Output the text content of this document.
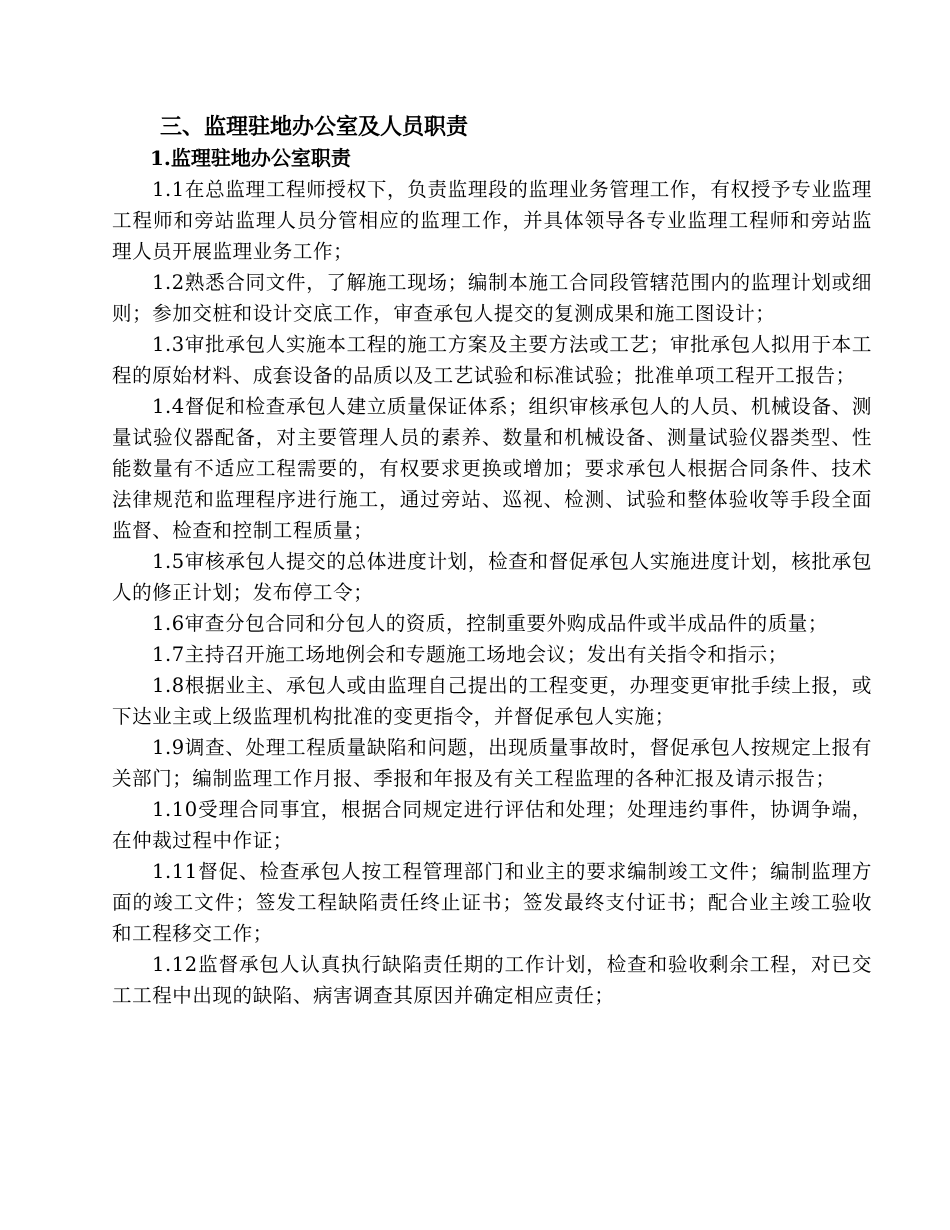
三、监理驻地办公室及人员职责
1.监理驻地办公室职责

1.1在总监理工程师授权下，负责监理段的监理业务管理工作，有权授予专业监理工程师和旁站监理人员分管相应的监理工作，并具体领导各专业监理工程师和旁站监理人员开展监理业务工作；

1.2熟悉合同文件，了解施工现场；编制本施工合同段管辖范围内的监理计划或细则；参加交桩和设计交底工作，审查承包人提交的复测成果和施工图设计；

1.3审批承包人实施本工程的施工方案及主要方法或工艺；审批承包人拟用于本工程的原始材料、成套设备的品质以及工艺试验和标准试验；批准单项工程开工报告；

1.4督促和检查承包人建立质量保证体系；组织审核承包人的人员、机械设备、测量试验仪器配备，对主要管理人员的素养、数量和机械设备、测量试验仪器类型、性能数量有不适应工程需要的，有权要求更换或增加；要求承包人根据合同条件、技术法律规范和监理程序进行施工，通过旁站、巡视、检测、试验和整体验收等手段全面监督、检查和控制工程质量；

1.5审核承包人提交的总体进度计划，检查和督促承包人实施进度计划，核批承包人的修正计划；发布停工令；

1.6审查分包合同和分包人的资质，控制重要外购成品件或半成品件的质量；

1.7主持召开施工场地例会和专题施工场地会议；发出有关指令和指示；

1.8根据业主、承包人或由监理自己提出的工程变更，办理变更审批手续上报，或下达业主或上级监理机构批准的变更指令，并督促承包人实施；

1.9调查、处理工程质量缺陷和问题，出现质量事故时，督促承包人按规定上报有关部门；编制监理工作月报、季报和年报及有关工程监理的各种汇报及请示报告；

1.10受理合同事宜，根据合同规定进行评估和处理；处理违约事件，协调争端，在仲裁过程中作证；

1.11督促、检查承包人按工程管理部门和业主的要求编制竣工文件；编制监理方面的竣工文件；签发工程缺陷责任终止证书；签发最终支付证书；配合业主竣工验收和工程移交工作；

1.12监督承包人认真执行缺陷责任期的工作计划，检查和验收剩余工程，对已交工工程中出现的缺陷、病害调查其原因并确定相应责任；
